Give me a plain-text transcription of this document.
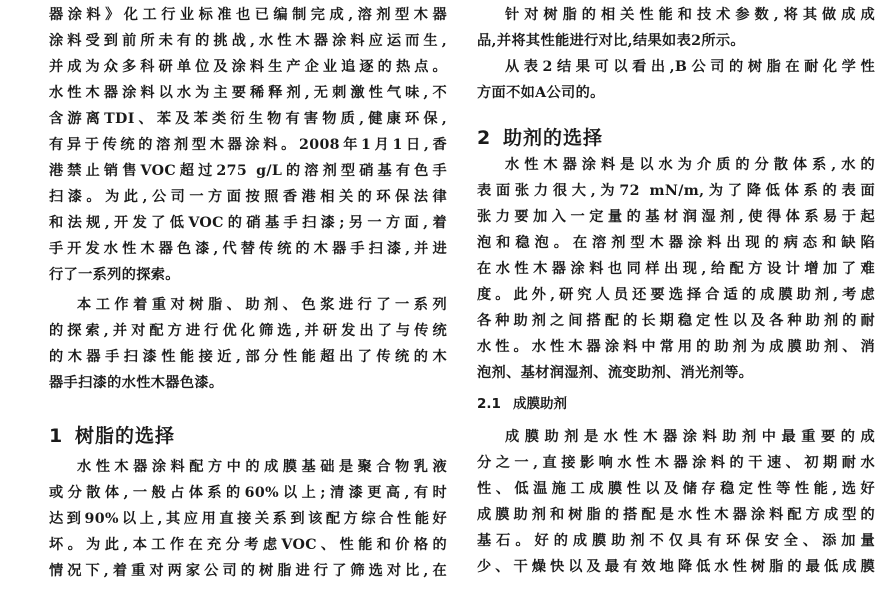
器涂料》化工行业标准也已编制完成,溶剂型木器
涂料受到前所未有的挑战,水性木器涂料应运而生,
并成为众多科研单位及涂料生产企业追逐的热点。
水性木器涂料以水为主要稀释剂,无刺激性气味,不
含游离TDI、苯及苯类衍生物有害物质,健康环保,
有异于传统的溶剂型木器涂料。2008年1月1日,香
港禁止销售VOC超过275 g/L的溶剂型硝基有色手
扫漆。为此,公司一方面按照香港相关的环保法律
和法规,开发了低VOC的硝基手扫漆;另一方面,着
手开发水性木器色漆,代替传统的木器手扫漆,并进
行了一系列的探索。
本工作着重对树脂、助剂、色浆进行了一系列
的探索,并对配方进行优化筛选,并研发出了与传统
的木器手扫漆性能接近,部分性能超出了传统的木
器手扫漆的水性木器色漆。
1 树脂的选择
水性木器涂料配方中的成膜基础是聚合物乳液
或分散体,一般占体系的60%以上;清漆更高,有时
达到90%以上,其应用直接关系到该配方综合性能好
坏。为此,本工作在充分考虑VOC、性能和价格的
情况下,着重对两家公司的树脂进行了筛选对比,在
针对树脂的相关性能和技术参数,将其做成成
品,并将其性能进行对比,结果如表2所示。
从表2结果可以看出,B公司的树脂在耐化学性
方面不如A公司的。
2 助剂的选择
水性木器涂料是以水为介质的分散体系,水的
表面张力很大,为72 mN/m,为了降低体系的表面
张力要加入一定量的基材润湿剂,使得体系易于起
泡和稳泡。在溶剂型木器涂料出现的病态和缺陷
在水性木器涂料也同样出现,给配方设计增加了难
度。此外,研究人员还要选择合适的成膜助剂,考虑
各种助剂之间搭配的长期稳定性以及各种助剂的耐
水性。水性木器涂料中常用的助剂为成膜助剂、消
泡剂、基材润湿剂、流变助剂、消光剂等。
2.1 成膜助剂
成膜助剂是水性木器涂料助剂中最重要的成
分之一,直接影响水性木器涂料的干速、初期耐水
性、低温施工成膜性以及储存稳定性等性能,选好
成膜助剂和树脂的搭配是水性木器涂料配方成型的
基石。好的成膜助剂不仅具有环保安全、添加量
少、干燥快以及最有效地降低水性树脂的最低成膜
